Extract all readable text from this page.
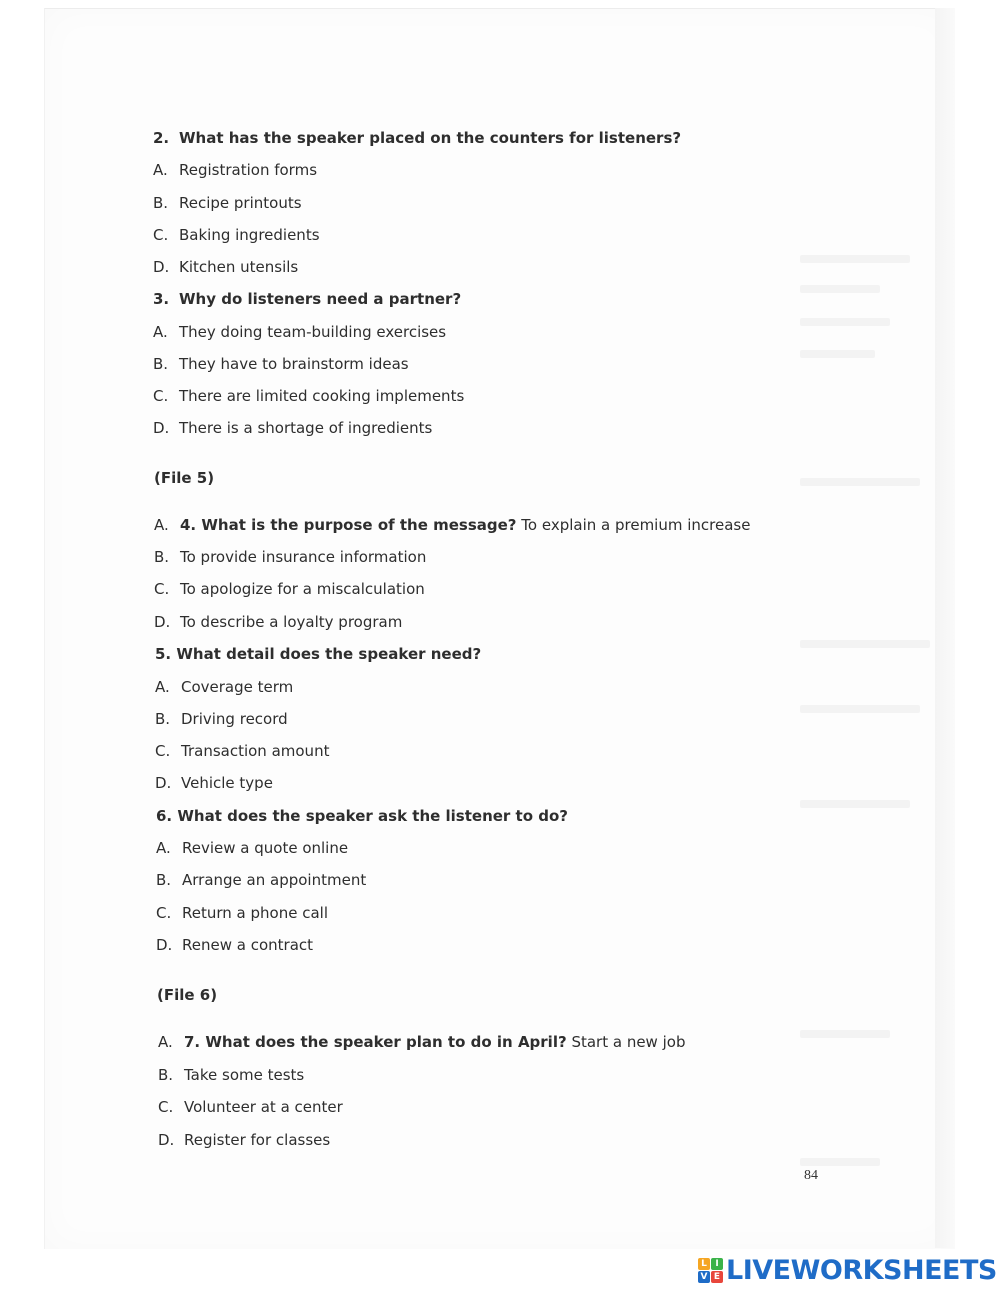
2. What has the speaker placed on the counters for listeners?
A. Registration forms
B. Recipe printouts
C. Baking ingredients
D. Kitchen utensils
3. Why do listeners need a partner?
A. They doing team-building exercises
B. They have to brainstorm ideas
C. There are limited cooking implements
D. There is a shortage of ingredients
(File 5)
A. 4. What is the purpose of the message? To explain a premium increase
B. To provide insurance information
C. To apologize for a miscalculation
D. To describe a loyalty program
5. What detail does the speaker need?
A. Coverage term
B. Driving record
C. Transaction amount
D. Vehicle type
6. What does the speaker ask the listener to do?
A. Review a quote online
B. Arrange an appointment
C. Return a phone call
D. Renew a contract
(File 6)
A. 7. What does the speaker plan to do in April? Start a new job
B. Take some tests
C. Volunteer at a center
D. Register for classes
84
L I
V E LIVEWORKSHEETS
